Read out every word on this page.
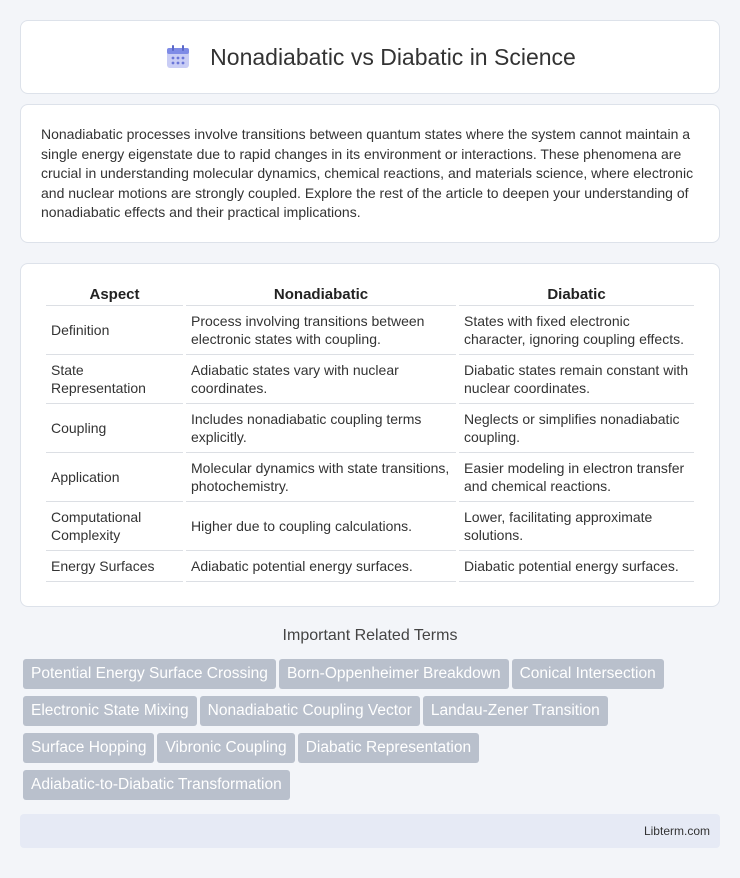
Nonadiabatic vs Diabatic in Science

Nonadiabatic processes involve transitions between quantum states where the system cannot maintain a single energy eigenstate due to rapid changes in its environment or interactions. These phenomena are crucial in understanding molecular dynamics, chemical reactions, and materials science, where electronic and nuclear motions are strongly coupled. Explore the rest of the article to deepen your understanding of nonadiabatic effects and their practical implications.

Aspect	Nonadiabatic	Diabatic
Definition	Process involving transitions between electronic states with coupling.	States with fixed electronic character, ignoring coupling effects.
State Representation	Adiabatic states vary with nuclear coordinates.	Diabatic states remain constant with nuclear coordinates.
Coupling	Includes nonadiabatic coupling terms explicitly.	Neglects or simplifies nonadiabatic coupling.
Application	Molecular dynamics with state transitions, photochemistry.	Easier modeling in electron transfer and chemical reactions.
Computational Complexity	Higher due to coupling calculations.	Lower, facilitating approximate solutions.
Energy Surfaces	Adiabatic potential energy surfaces.	Diabatic potential energy surfaces.
Important Related Terms
Potential Energy Surface Crossing Born-Oppenheimer Breakdown Conical Intersection
Electronic State Mixing Nonadiabatic Coupling Vector Landau-Zener Transition
Surface Hopping Vibronic Coupling Diabatic Representation
Adiabatic-to-Diabatic Transformation
Libterm.com
